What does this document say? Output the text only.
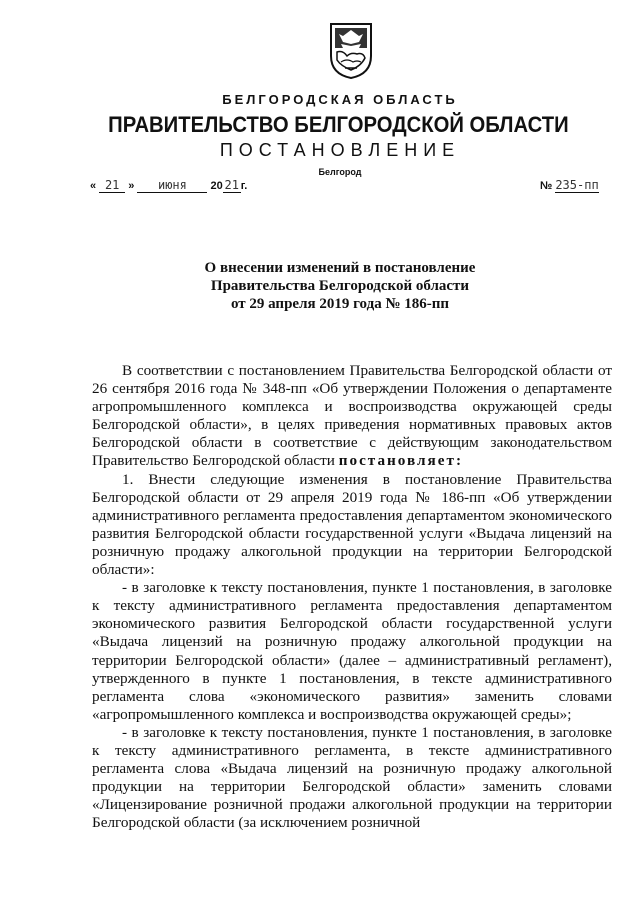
БЕЛГОРОДСКАЯ ОБЛАСТЬ
ПРАВИТЕЛЬСТВО БЕЛГОРОДСКОЙ ОБЛАСТИ
ПОСТАНОВЛЕНИЕ
Белгород
« 21 » июня 20 21 г.	№ 235-пп
О внесении изменений в постановление
Правительства Белгородской области
от 29 апреля 2019 года № 186-пп

В соответствии с постановлением Правительства Белгородской области от 26 сентября 2016 года № 348-пп «Об утверждении Положения о департаменте агропромышленного комплекса и воспроизводства окружающей среды Белгородской области», в целях приведения нормативных правовых актов Белгородской области в соответствие с действующим законодательством Правительство Белгородской области постановляет:

1. Внести следующие изменения в постановление Правительства Белгородской области от 29 апреля 2019 года № 186-пп «Об утверждении административного регламента предоставления департаментом экономического развития Белгородской области государственной услуги «Выдача лицензий на розничную продажу алкогольной продукции на территории Белгородской области»:

- в заголовке к тексту постановления, пункте 1 постановления, в заголовке к тексту административного регламента предоставления департаментом экономического развития Белгородской области государственной услуги «Выдача лицензий на розничную продажу алкогольной продукции на территории Белгородской области» (далее – административный регламент), утвержденного в пункте 1 постановления, в тексте административного регламента слова «экономического развития» заменить словами «агропромышленного комплекса и воспроизводства окружающей среды»;

- в заголовке к тексту постановления, пункте 1 постановления, в заголовке к тексту административного регламента, в тексте административного регламента слова «Выдача лицензий на розничную продажу алкогольной продукции на территории Белгородской области» заменить словами «Лицензирование розничной продажи алкогольной продукции на территории Белгородской области (за исключением розничной
